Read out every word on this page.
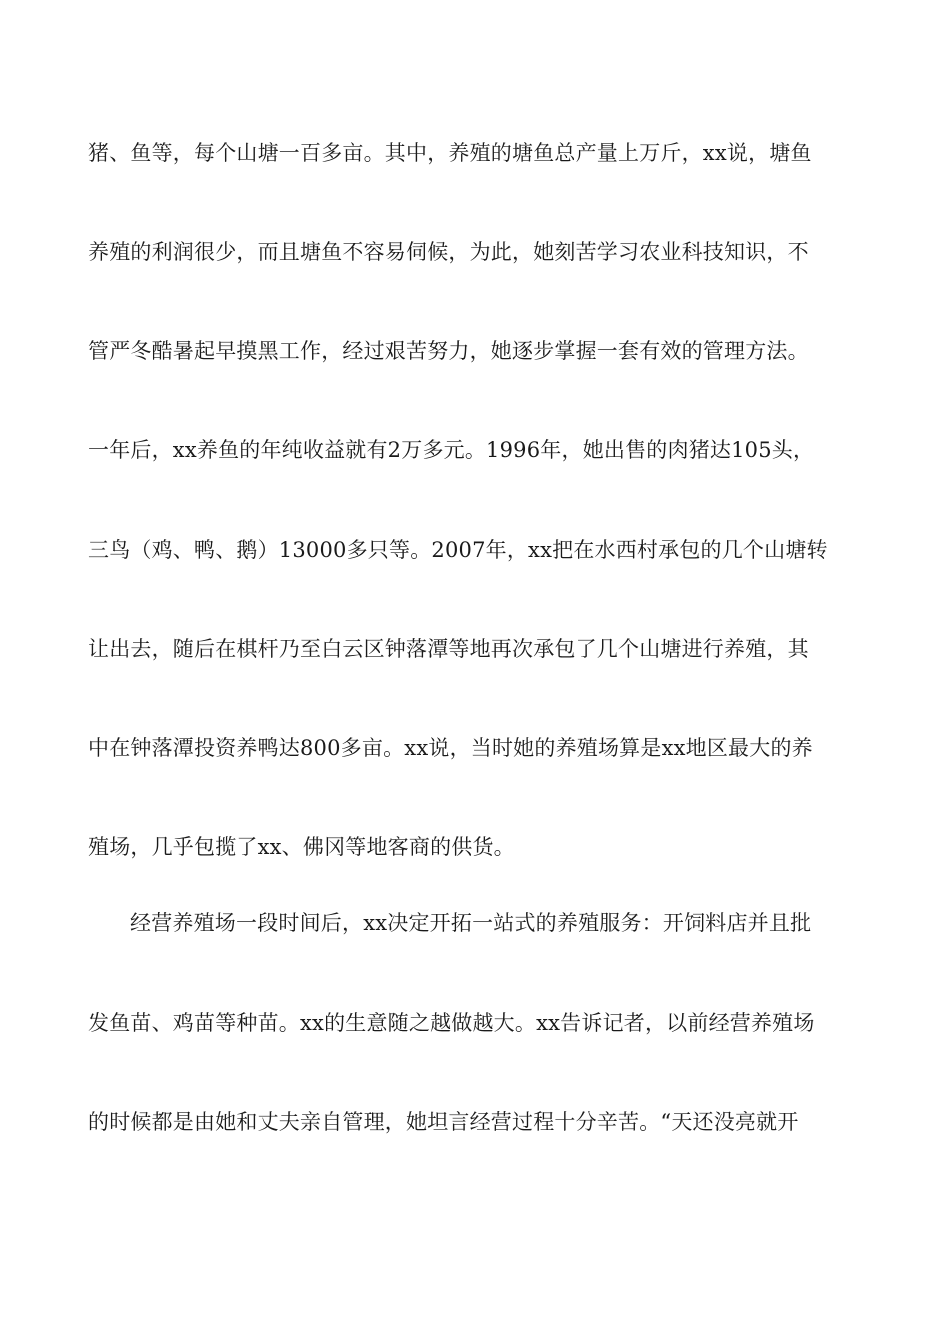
猪、鱼等，每个山塘一百多亩。其中，养殖的塘鱼总产量上万斤，xx说，塘鱼
养殖的利润很少，而且塘鱼不容易伺候，为此，她刻苦学习农业科技知识，不
管严冬酷暑起早摸黑工作，经过艰苦努力，她逐步掌握一套有效的管理方法。
一年后，xx养鱼的年纯收益就有2万多元。1996年，她出售的肉猪达105头，
三鸟（鸡、鸭、鹅）13000多只等。2007年，xx把在水西村承包的几个山塘转
让出去，随后在棋杆乃至白云区钟落潭等地再次承包了几个山塘进行养殖，其
中在钟落潭投资养鸭达800多亩。xx说，当时她的养殖场算是xx地区最大的养
殖场，几乎包揽了xx、佛冈等地客商的供货。
经营养殖场一段时间后，xx决定开拓一站式的养殖服务：开饲料店并且批
发鱼苗、鸡苗等种苗。xx的生意随之越做越大。xx告诉记者，以前经营养殖场
的时候都是由她和丈夫亲自管理，她坦言经营过程十分辛苦。“天还没亮就开
